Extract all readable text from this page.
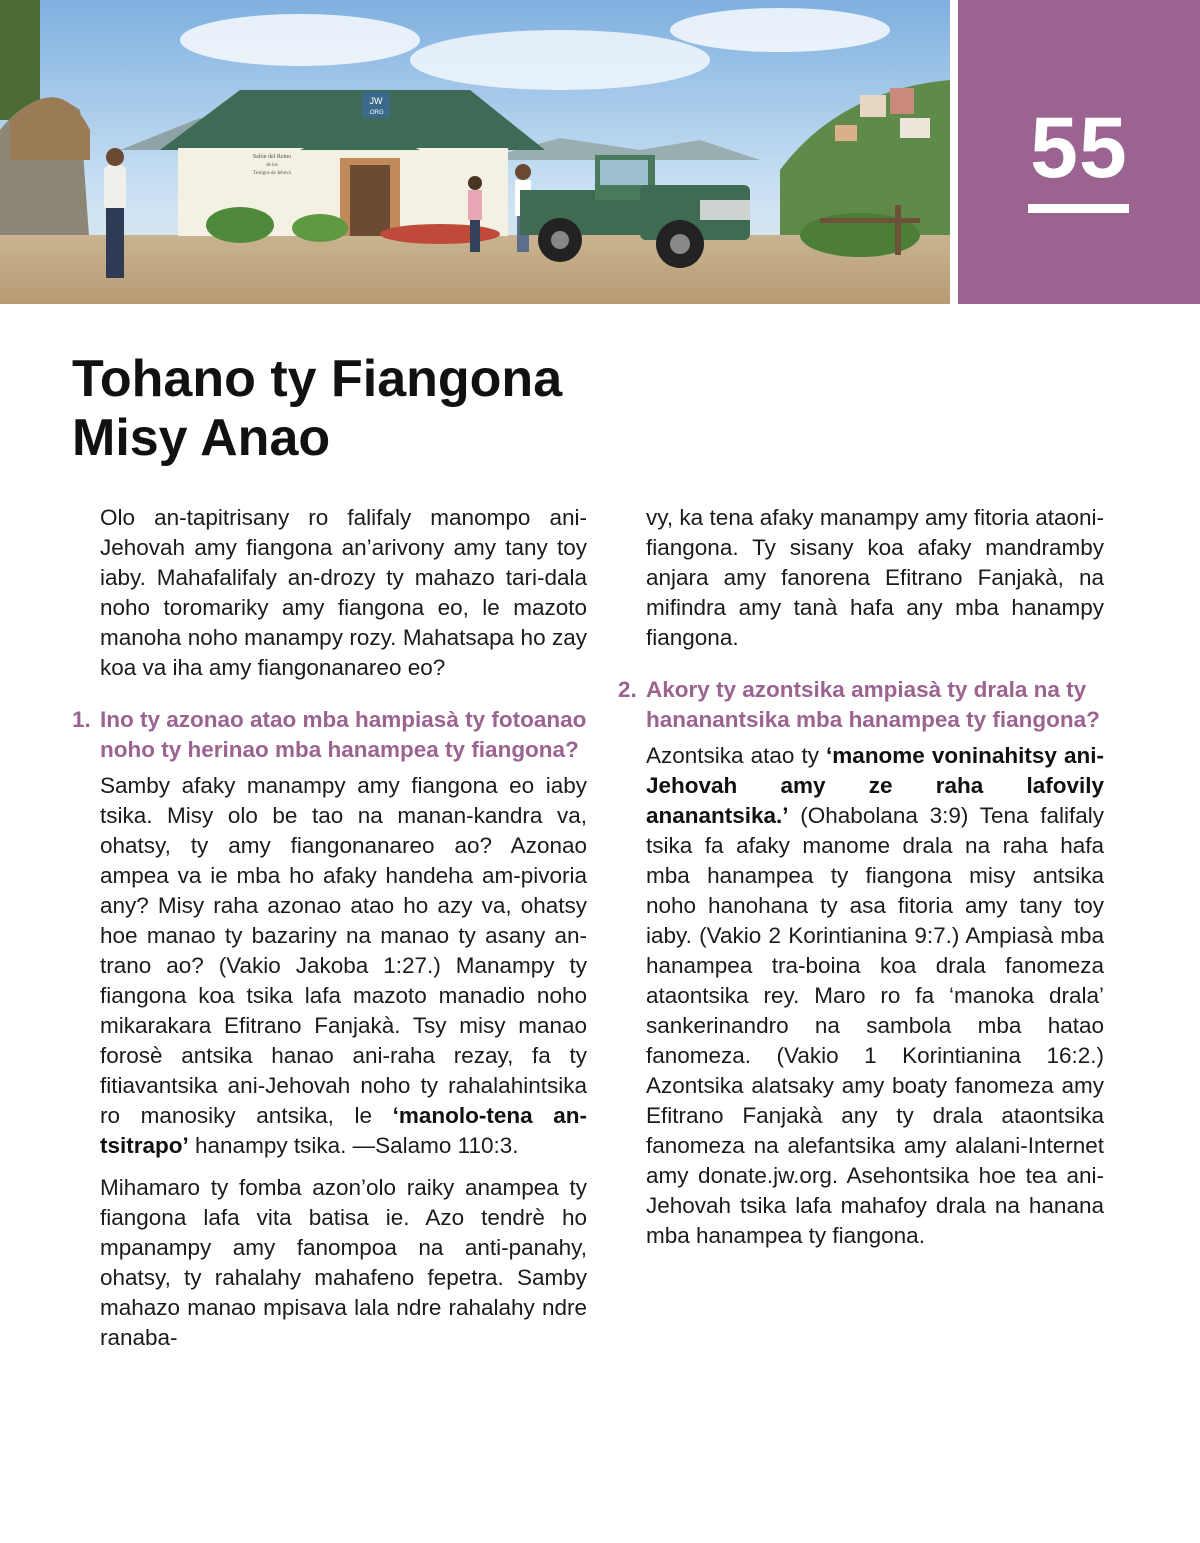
JW
.ORG
Salón del Reino
de los
Testigos de Jehová	55
Tohano ty Fiangona
Misy Anao

Olo an-tapitrisany ro falifaly manompo ani-Jehovah amy fiangona an’arivony amy tany toy iaby. Mahafalifaly an-drozy ty mahazo tari-dala noho toromariky amy fiangona eo, le mazoto manoha noho manampy rozy. Mahatsapa ho zay koa va iha amy fiangonanareo eo?

1. Ino ty azonao atao mba hampiasà ty fotoanao noho ty herinao mba hanampea ty fiangona?

Samby afaky manampy amy fiangona eo iaby tsika. Misy olo be tao na manan-kandra va, ohatsy, ty amy fiangonanareo ao? Azonao ampea va ie mba ho afaky handeha am-pivoria any? Misy raha azonao atao ho azy va, ohatsy hoe manao ty bazariny na manao ty asany an-trano ao? (Vakio Jakoba 1:27.) Manampy ty fiangona koa tsika lafa mazoto manadio noho mikarakara Efitrano Fanjakà. Tsy misy manao forosè antsika hanao ani-raha rezay, fa ty fitiavantsika ani-Jehovah noho ty rahalahintsika ro manosiky antsika, le ‘manolo-tena an-tsitrapo’ hanampy tsika. —Salamo 110:3.

Mihamaro ty fomba azon’olo raiky anampea ty fiangona lafa vita batisa ie. Azo tendrè ho mpanampy amy fanompoa na anti-panahy, ohatsy, ty rahalahy mahafeno fepetra. Samby mahazo manao mpisava lala ndre rahalahy ndre ranaba-

vy, ka tena afaky manampy amy fitoria ataoni-fiangona. Ty sisany koa afaky mandramby anjara amy fanorena Efitrano Fanjakà, na mifindra amy tanà hafa any mba hanampy fiangona.

2. Akory ty azontsika ampiasà ty drala na ty hananantsika mba hanampea ty fiangona?

Azontsika atao ty ‘manome voninahitsy ani-Jehovah amy ze raha lafovily ananantsika.’ (Ohabolana 3:9) Tena falifaly tsika fa afaky manome drala na raha hafa mba hanampea ty fiangona misy antsika noho hanohana ty asa fitoria amy tany toy iaby. (Vakio 2 Korintianina 9:7.) Ampiasà mba hanampea tra-boina koa drala fanomeza ataontsika rey. Maro ro fa ‘manoka drala’ sankerinandro na sambola mba hatao fanomeza. (Vakio 1 Korintianina 16:2.) Azontsika alatsaky amy boaty fanomeza amy Efitrano Fanjakà any ty drala ataontsika fanomeza na alefantsika amy alalani-Internet amy donate.jw.org. Asehontsika hoe tea ani-Jehovah tsika lafa mahafoy drala na hanana mba hanampea ty fiangona.
